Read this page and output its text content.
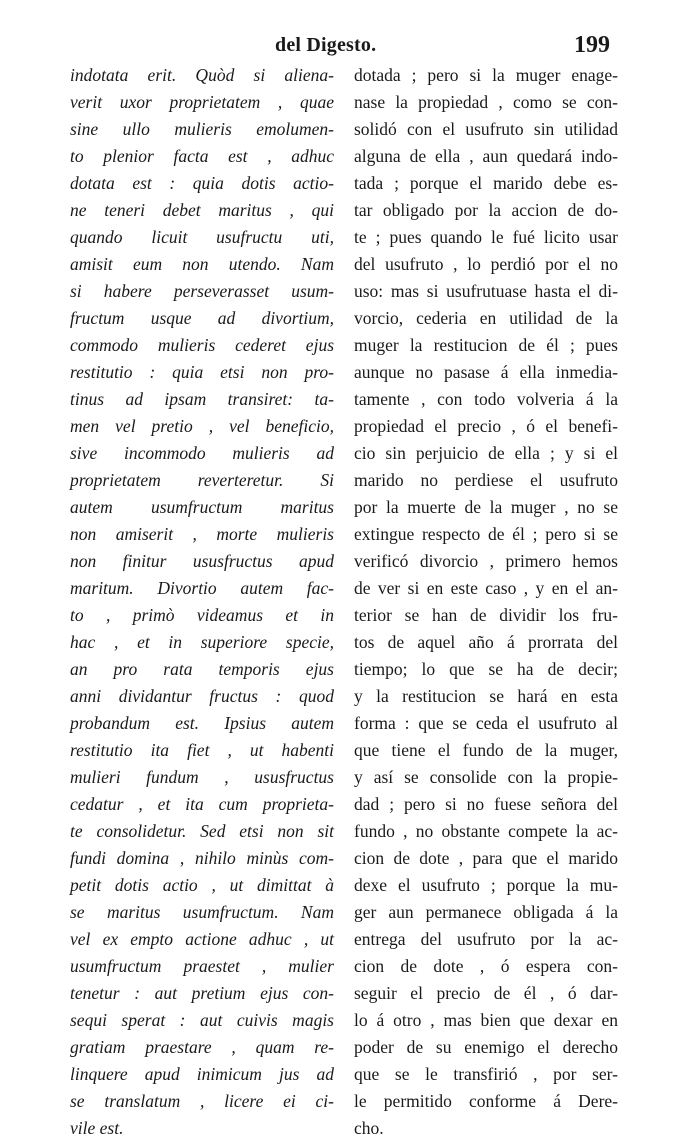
del Digesto.	199
indotata erit. Quòd si aliena-
verit uxor proprietatem , quae
sine ullo mulieris emolumen-
to plenior facta est , adhuc
dotata est : quia dotis actio-
ne teneri debet maritus , qui
quando licuit usufructu uti,
amisit eum non utendo. Nam
si habere perseverasset usum-
fructum usque ad divortium,
commodo mulieris cederet ejus
restitutio : quia etsi non pro-
tinus ad ipsam transiret: ta-
men vel pretio , vel beneficio,
sive incommodo mulieris ad
proprietatem reverteretur. Si
autem usumfructum maritus
non amiserit , morte mulieris
non finitur ususfructus apud
maritum. Divortio autem fac-
to , primò videamus et in
hac , et in superiore specie,
an pro rata temporis ejus
anni dividantur fructus : quod
probandum est. Ipsius autem
restitutio ita fiet , ut habenti
mulieri fundum , ususfructus
cedatur , et ita cum proprieta-
te consolidetur. Sed etsi non sit
fundi domina , nihilo minùs com-
petit dotis actio , ut dimittat à
se maritus usumfructum. Nam
vel ex empto actione adhuc , ut
usumfructum praestet , mulier
tenetur : aut pretium ejus con-
sequi sperat : aut cuivis magis
gratiam praestare , quam re-
linquere apud inimicum jus ad
se translatum , licere ei ci-
vile est.
dotada ; pero si la muger enage-
nase la propiedad , como se con-
solidó con el usufruto sin utilidad
alguna de ella , aun quedará indo-
tada ; porque el marido debe es-
tar obligado por la accion de do-
te ; pues quando le fué licito usar
del usufruto , lo perdió por el no
uso: mas si usufrutuase hasta el di-
vorcio, cederia en utilidad de la
muger la restitucion de él ; pues
aunque no pasase á ella inmedia-
tamente , con todo volveria á la
propiedad el precio , ó el benefi-
cio sin perjuicio de ella ; y si el
marido no perdiese el usufruto
por la muerte de la muger , no se
extingue respecto de él ; pero si se
verificó divorcio , primero hemos
de ver si en este caso , y en el an-
terior se han de dividir los fru-
tos de aquel año á prorrata del
tiempo; lo que se ha de decir;
y la restitucion se hará en esta
forma : que se ceda el usufruto al
que tiene el fundo de la muger,
y así se consolide con la propie-
dad ; pero si no fuese señora del
fundo , no obstante compete la ac-
cion de dote , para que el marido
dexe el usufruto ; porque la mu-
ger aun permanece obligada á la
entrega del usufruto por la ac-
cion de dote , ó espera con-
seguir el precio de él , ó dar-
lo á otro , mas bien que dexar en
poder de su enemigo el derecho
que se le transfirió , por ser-
le permitido conforme á Dere-
cho.
